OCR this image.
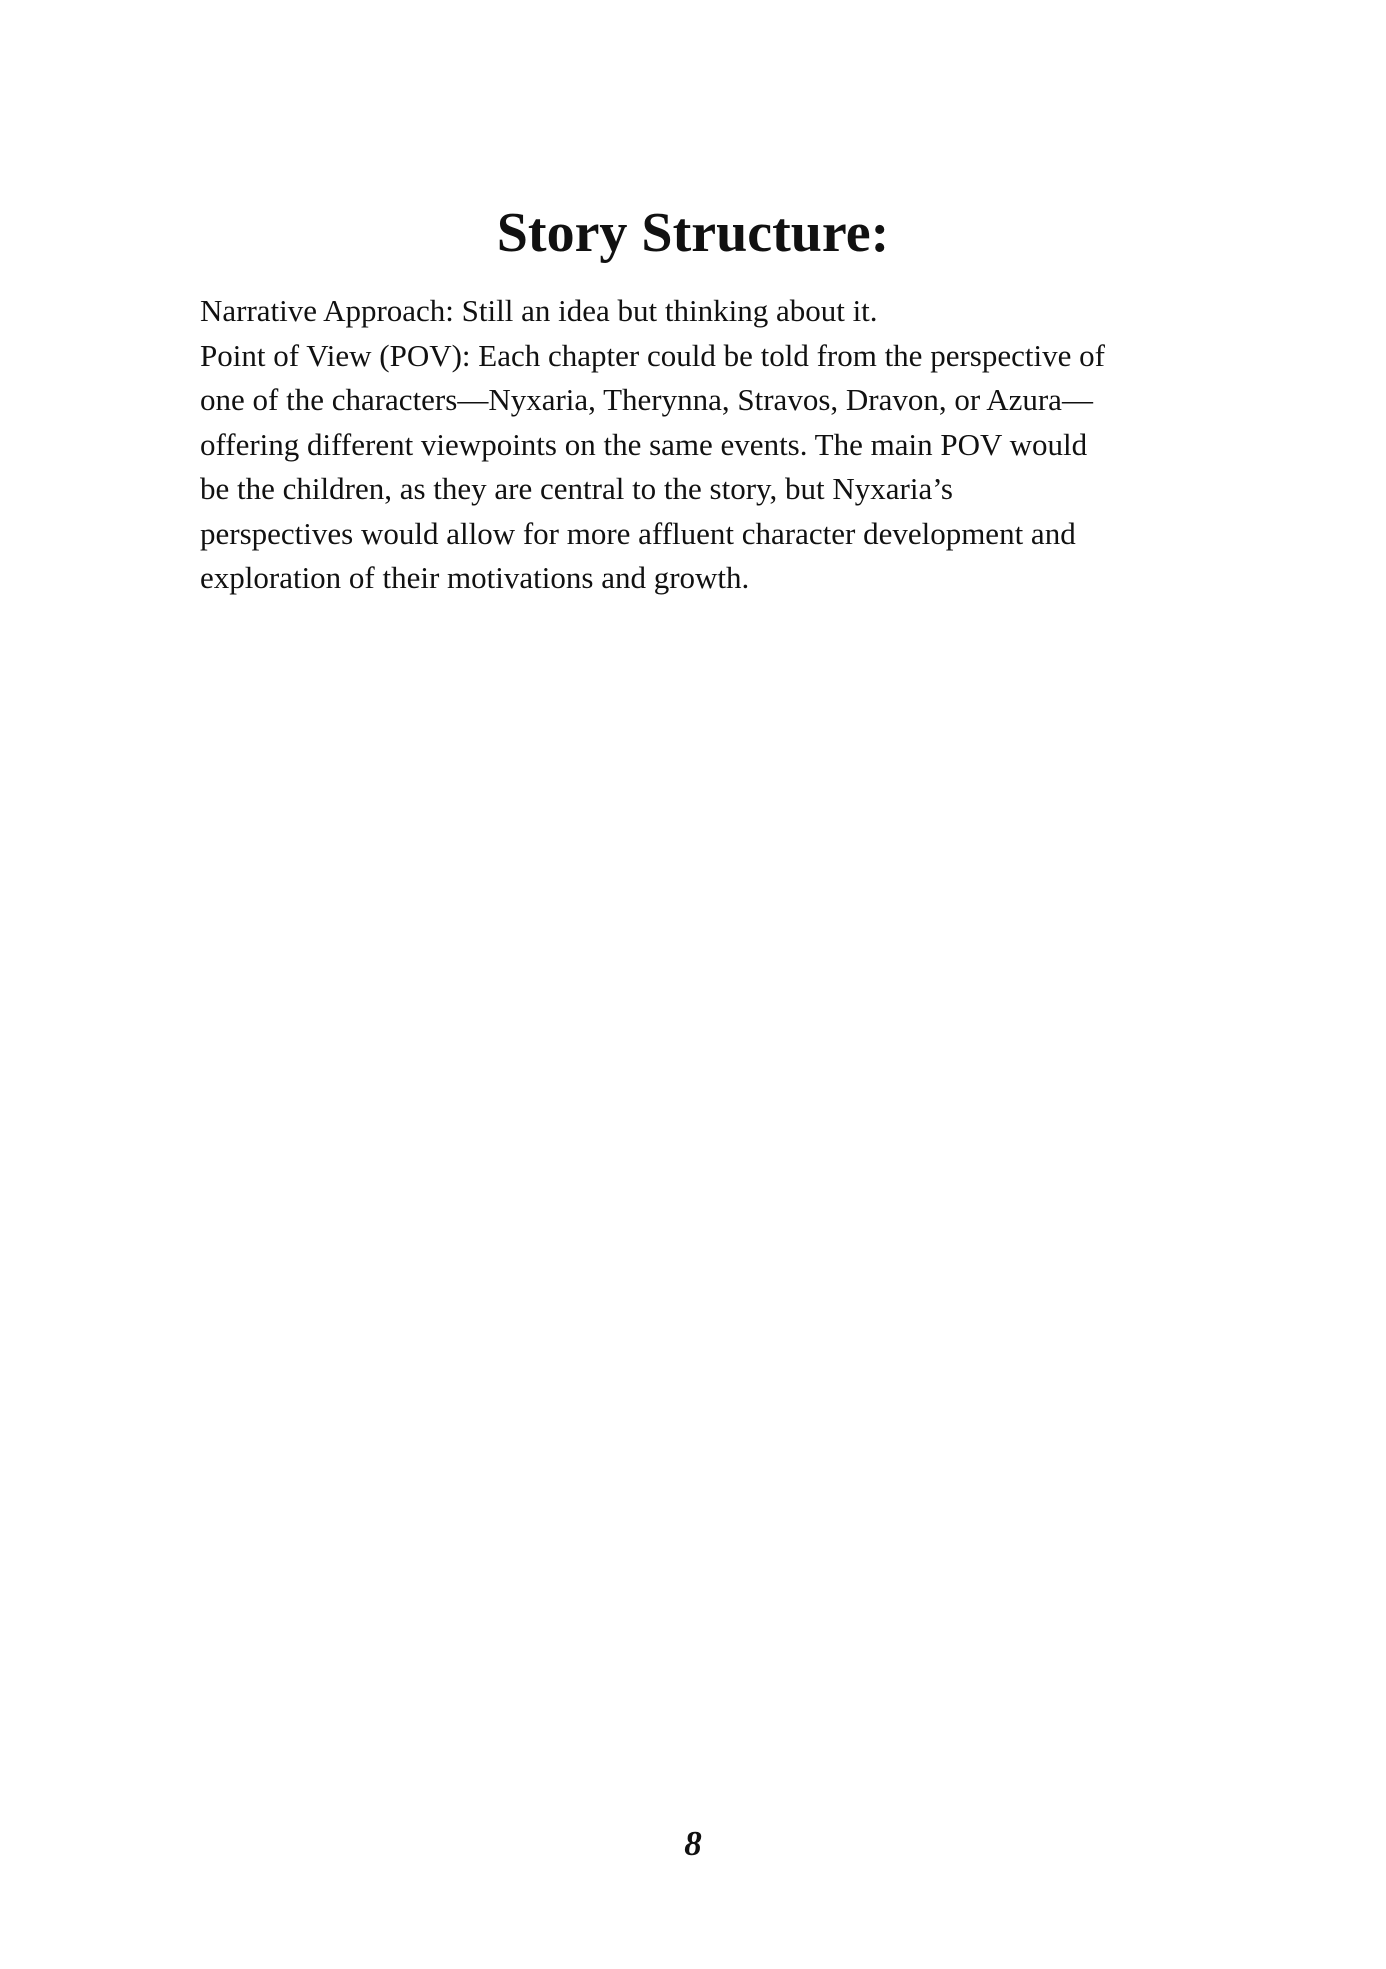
Story Structure:

Narrative Approach: Still an idea but thinking about it.

Point of View (POV): Each chapter could be told from the perspective of

one of the characters—Nyxaria, Therynna, Stravos, Dravon, or Azura—

offering different viewpoints on the same events. The main POV would

be the children, as they are central to the story, but Nyxaria’s

perspectives would allow for more affluent character development and

exploration of their motivations and growth.

8
